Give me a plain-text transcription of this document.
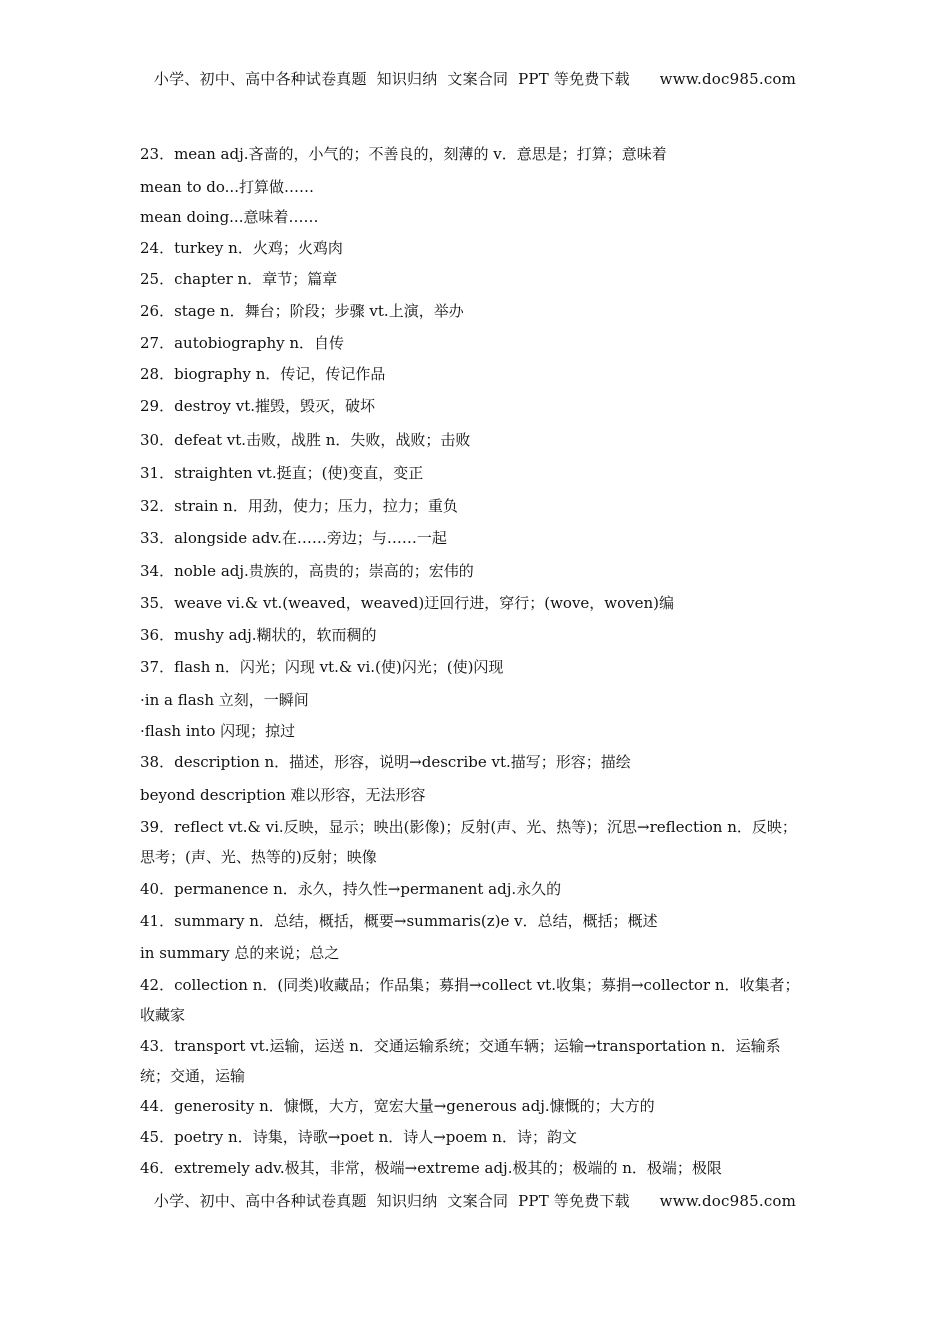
小学、初中、高中各种试卷真题  知识归纳  文案合同  PPT 等免费下载      www.doc985.com
23．mean adj.吝啬的，小气的；不善良的，刻薄的 v．意思是；打算；意味着
mean to do...打算做……
mean doing...意味着……
24．turkey n．火鸡；火鸡肉
25．chapter n．章节；篇章
26．stage n．舞台；阶段；步骤 vt.上演，举办
27．autobiography n．自传
28．biography n．传记，传记作品
29．destroy vt.摧毁，毁灭，破坏
30．defeat vt.击败，战胜 n．失败，战败；击败
31．straighten vt.挺直；(使)变直，变正
32．strain n．用劲，使力；压力，拉力；重负
33．alongside adv.在……旁边；与……一起
34．noble adj.贵族的，高贵的；崇高的；宏伟的
35．weave vi.& vt.(weaved，weaved)迂回行进，穿行；(wove，woven)编
36．mushy adj.糊状的，软而稠的
37．flash n．闪光；闪现 vt.& vi.(使)闪光；(使)闪现
·in a flash 立刻，一瞬间
·flash into 闪现；掠过
38．description n．描述，形容，说明→describe vt.描写；形容；描绘
beyond description 难以形容，无法形容
39．reflect vt.& vi.反映，显示；映出(影像)；反射(声、光、热等)；沉思→reflection n．反映；
思考；(声、光、热等的)反射；映像
40．permanence n．永久，持久性→permanent adj.永久的
41．summary n．总结，概括，概要→summaris(z)e v．总结，概括；概述
in summary 总的来说；总之
42．collection n．(同类)收藏品；作品集；募捐→collect vt.收集；募捐→collector n．收集者；
收藏家
43．transport vt.运输，运送 n．交通运输系统；交通车辆；运输→transportation n．运输系
统；交通，运输
44．generosity n．慷慨，大方，宽宏大量→generous adj.慷慨的；大方的
45．poetry n．诗集，诗歌→poet n．诗人→poem n．诗；韵文
46．extremely adv.极其，非常，极端→extreme adj.极其的；极端的 n．极端；极限
小学、初中、高中各种试卷真题  知识归纳  文案合同  PPT 等免费下载      www.doc985.com
